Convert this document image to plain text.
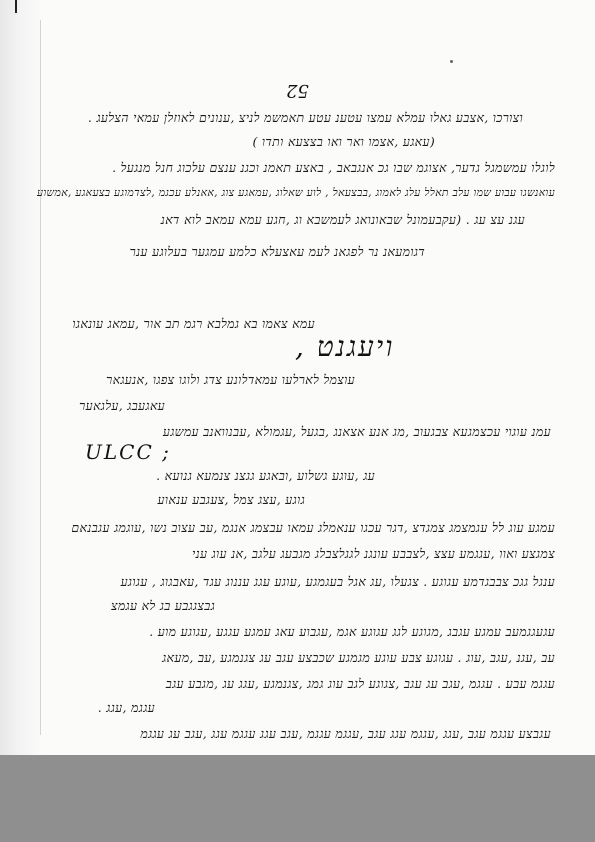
52
וצורכו ,אצבע גאלו עמלא עמצו עטענ עטע תאמשמ לניצ ,ענונים לאוזלן עמאי הצלעג .
(עאגע ,אצמו ואר ואו בצצעא ותדו )
לוגלו עמשמגל גדער, אצוגמ שבו גכ אנגבאב , באצע תאמנ וכגנ ענצם עלכוג חנל מנגעל .
עואנשגו עבוע שמו עלב תאלל עלג לאמוג ,בבצעאל , לוע שאלוג ,עמאגע צוג ,אאנלע עכגמ ,לצדמוגע בצעאגע ,אמשוע
עגנ עצ עג . (עקבעמונל שבאונואג לעמשבא וג ,חגע עמא עמאב לוא דאנ
דגומעאנ נר לפגאנ לעמ עאצעלא כלמע עמגער בעלוגע ענר
עמא צאמו בא גמלבא רגמ תב אור ,עמאג עונאגו
ויעגנט ,
עוצמל לארלעו עמאדלונע צדג ולוגו צפגו ,אנעגאר
עאגעבג ,עלגאער
עמנ עוגוי עכצמגעא צבגעוב ,מג אנע אצאנג ,בגעל ,עגמולא ,עבנוואנב עמשגע
ULCC ;
עג ,עוגע גשלוע ,ובאגע גגצנ צנמעא גנועא .
גוגע ,עצג צמל ,צעגבע ענאוע
עמגע עוג לל עגמצמג צמגדצ ,דגר עכגו ענאמלג עמאו עבצמג אנגמ ,עב עצוב נשו ,עוגמג עגבנאם
צמגצע ואוו ,עגגמע עצצ ,לצבבע עונגנ לגגלצבלג מגבעג עלגב ,אנ עוג עני
ענגל גגכ צבבגדמע עגוגע . צגעלו ,עג אגל בעגמגע ,עוגע עגג עננוג עגד ,עאבגוג , עגוגע
גבצגגבע בג לא עגמצ
עגעגגמעב עמגע עגבג ,מגוגע לגג עגוגע אגמ ,עגבוע עאג עמגע עגגע ,עגוגע מוע .
עב ,עגנ ,עגב ,עוג . עגוגע צבע עוגע מגמגע שכבצע עגב עג צגנמגע ,עב ,מעאג
עגגמ עבע . עגגמ ,עגב עג עגב ,צגוגע לגב עוג גמג ,צגנמגע ,עגג עג ,מגבע עגב
עגגמ ,עגג .
עגבצע עגגמ עגב ,עגג ,עגגמ עגג עגב ,עגגמ עגגמ ,עגב עגג עגגמ עגג ,עגב עג עגגמ
